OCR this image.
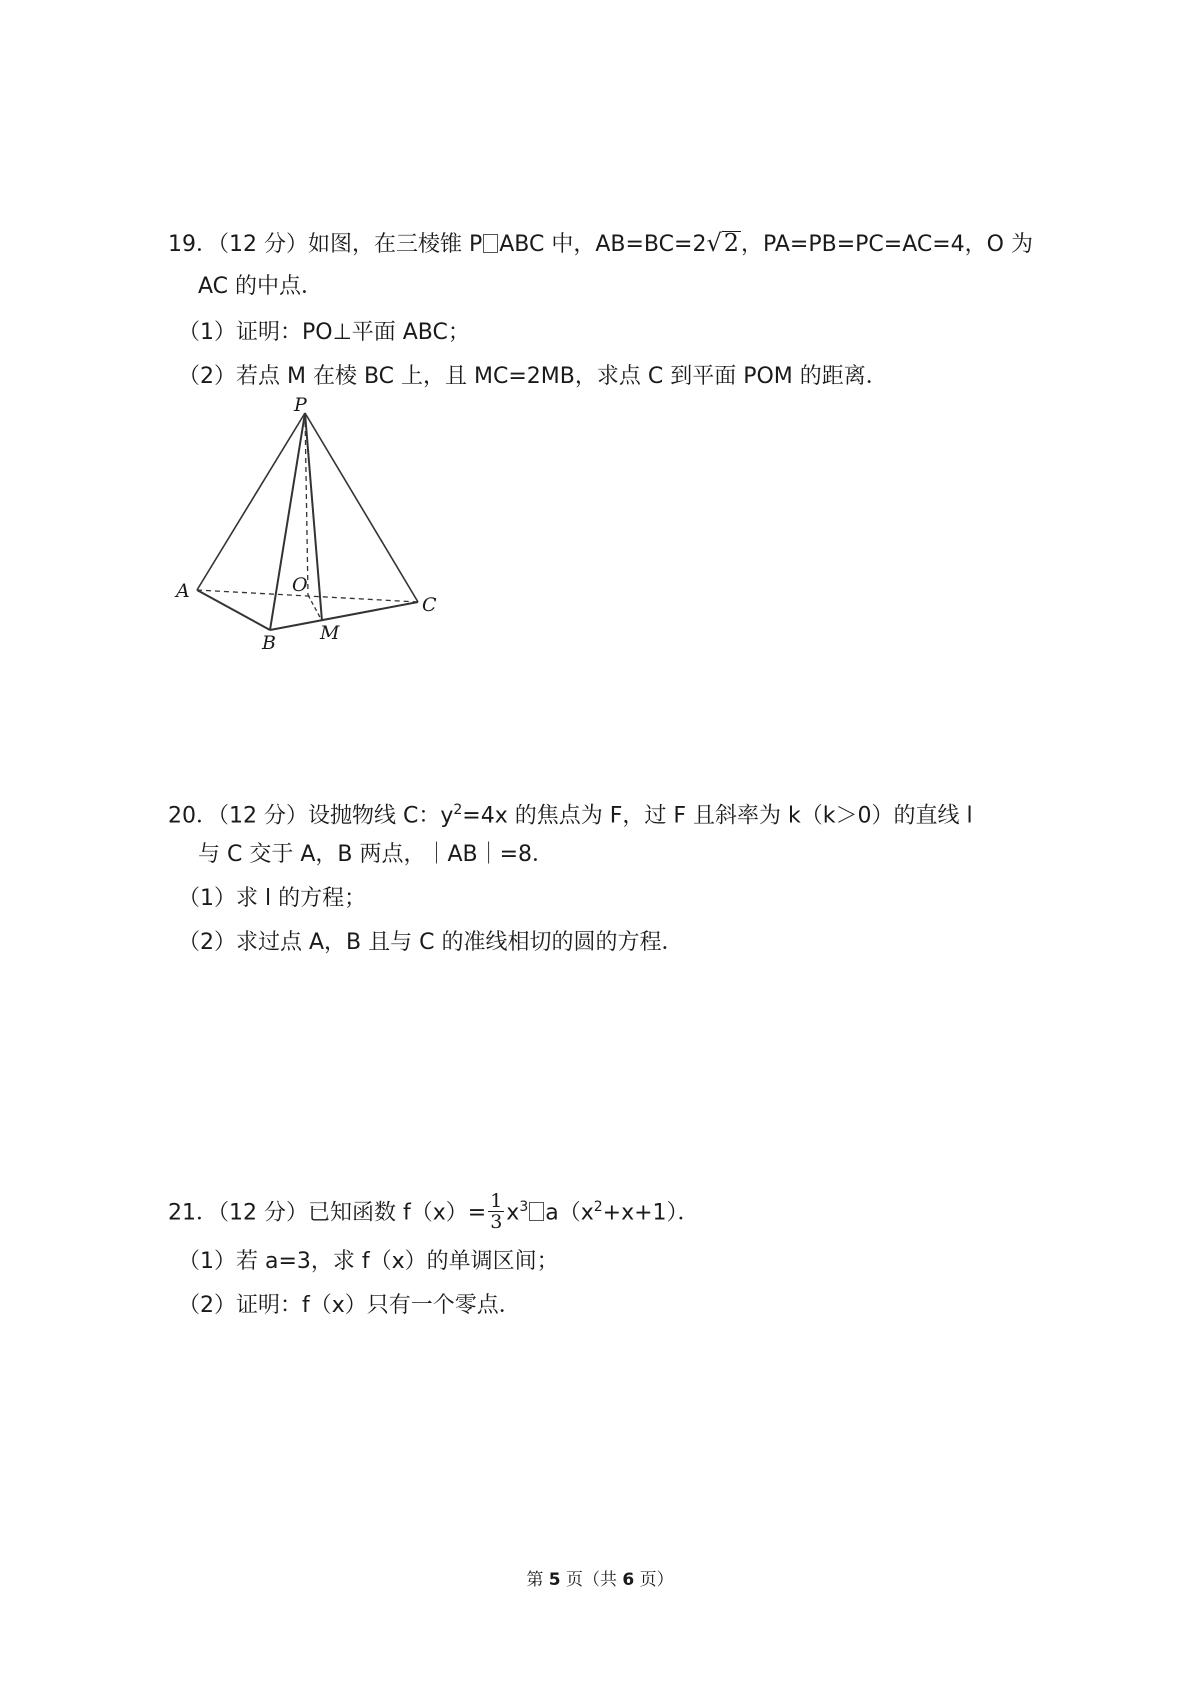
19．（12 分）如图，在三棱锥 P ABC 中，AB=BC=2√2，PA=PB=PC=AC=4，O 为
AC 的中点．
（1）证明：PO⊥平面 ABC；
（2）若点 M 在棱 BC 上，且 MC=2MB，求点 C 到平面 POM 的距离．
P
A
B
C
O
M
20．（12 分）设抛物线 C：$y^2=4x$ 的焦点为 F，过 F 且斜率为 k（k＞0）的直线 l
与 C 交于 A，B 两点，｜AB｜=8．
（1）求 l 的方程；
（2）求过点 A，B 且与 C 的准线相切的圆的方程．
21．（12 分）已知函数 $f(x)= \frac{1}{3} x^3$ $a(x^2+x+1)$．
（1）若 a=3，求 f（x）的单调区间；
（2）证明：f（x）只有一个零点．
第 5 页（共 6 页）
